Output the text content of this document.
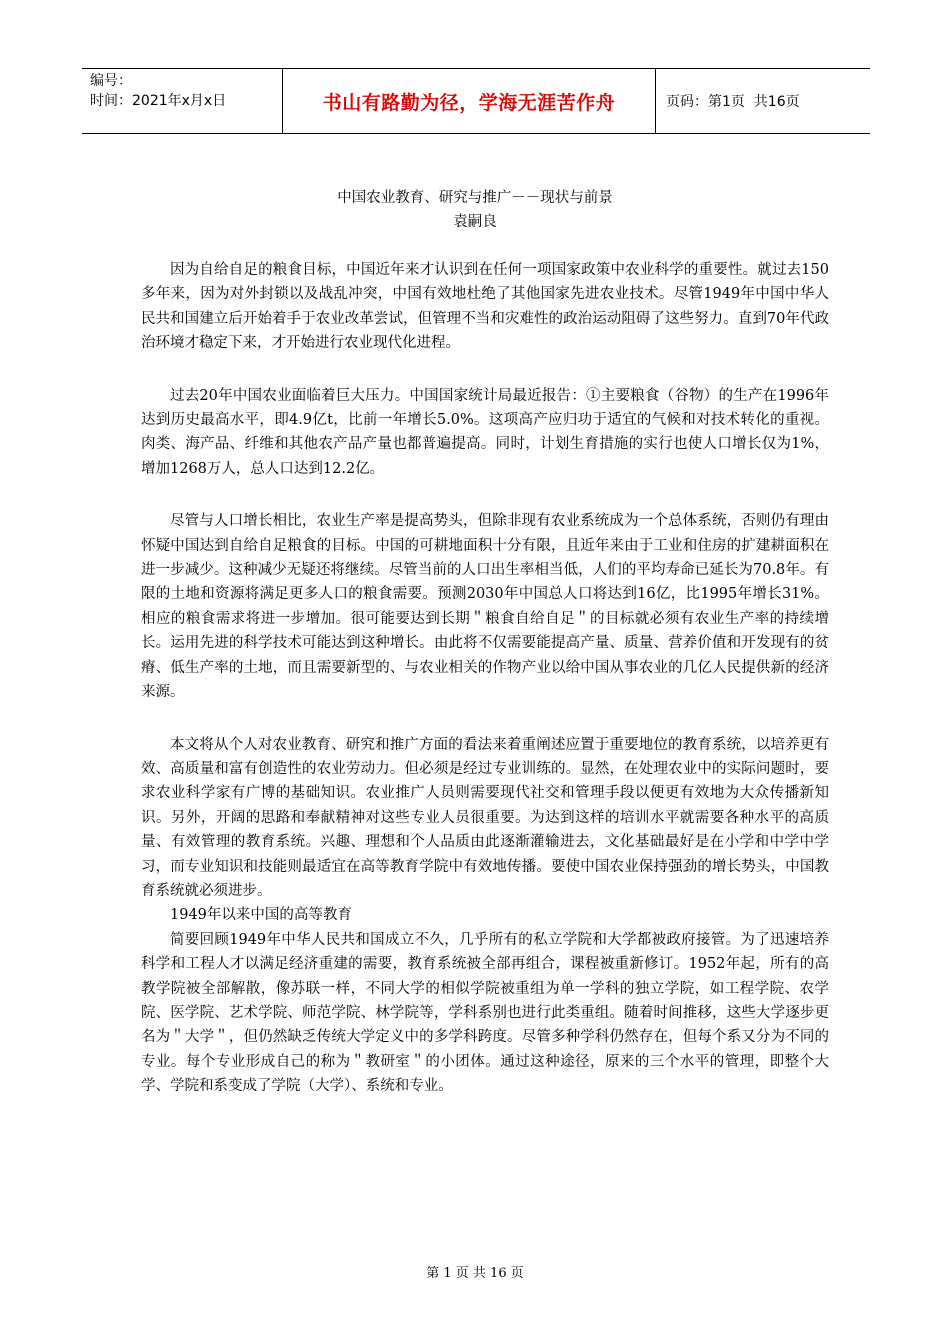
编号：
时间：2021年x月x日	书山有路勤为径，学海无涯苦作舟	页码：第1页  共16页
中国农业教育、研究与推广－－现状与前景
袁嗣良

因为自给自足的粮食目标，中国近年来才认识到在任何一项国家政策中农业科学的重要性。就过去150多年来，因为对外封锁以及战乱冲突，中国有效地杜绝了其他国家先进农业技术。尽管1949年中国中华人民共和国建立后开始着手于农业改革尝试，但管理不当和灾难性的政治运动阻碍了这些努力。直到70年代政治环境才稳定下来，才开始进行农业现代化进程。

过去20年中国农业面临着巨大压力。中国国家统计局最近报告：①主要粮食（谷物）的生产在1996年达到历史最高水平，即4.9亿t，比前一年增长5.0%。这项高产应归功于适宜的气候和对技术转化的重视。肉类、海产品、纤维和其他农产品产量也都普遍提高。同时，计划生育措施的实行也使人口增长仅为1%，增加1268万人，总人口达到12.2亿。

尽管与人口增长相比，农业生产率是提高势头，但除非现有农业系统成为一个总体系统，否则仍有理由怀疑中国达到自给自足粮食的目标。中国的可耕地面积十分有限，且近年来由于工业和住房的扩建耕面积在进一步减少。这种减少无疑还将继续。尽管当前的人口出生率相当低，人们的平均寿命已延长为70.8年。有限的土地和资源将满足更多人口的粮食需要。预测2030年中国总人口将达到16亿，比1995年增长31%。相应的粮食需求将进一步增加。很可能要达到长期＂粮食自给自足＂的目标就必须有农业生产率的持续增长。运用先进的科学技术可能达到这种增长。由此将不仅需要能提高产量、质量、营养价值和开发现有的贫瘠、低生产率的土地，而且需要新型的、与农业相关的作物产业以给中国从事农业的几亿人民提供新的经济来源。

本文将从个人对农业教育、研究和推广方面的看法来着重阐述应置于重要地位的教育系统，以培养更有效、高质量和富有创造性的农业劳动力。但必须是经过专业训练的。显然，在处理农业中的实际问题时，要求农业科学家有广博的基础知识。农业推广人员则需要现代社交和管理手段以便更有效地为大众传播新知识。另外，开阔的思路和奉献精神对这些专业人员很重要。为达到这样的培训水平就需要各种水平的高质量、有效管理的教育系统。兴趣、理想和个人品质由此逐渐灌输进去，文化基础最好是在小学和中学中学习，而专业知识和技能则最适宜在高等教育学院中有效地传播。要使中国农业保持强劲的增长势头，中国教育系统就必须进步。

1949年以来中国的高等教育

简要回顾1949年中华人民共和国成立不久，几乎所有的私立学院和大学都被政府接管。为了迅速培养科学和工程人才以满足经济重建的需要，教育系统被全部再组合，课程被重新修订。1952年起，所有的高教学院被全部解散，像苏联一样，不同大学的相似学院被重组为单一学科的独立学院，如工程学院、农学院、医学院、艺术学院、师范学院、林学院等，学科系别也进行此类重组。随着时间推移，这些大学逐步更名为＂大学＂，但仍然缺乏传统大学定义中的多学科跨度。尽管多种学科仍然存在，但每个系又分为不同的专业。每个专业形成自己的称为＂教研室＂的小团体。通过这种途径，原来的三个水平的管理，即整个大学、学院和系变成了学院（大学）、系统和专业。

第 1 页 共 16 页
